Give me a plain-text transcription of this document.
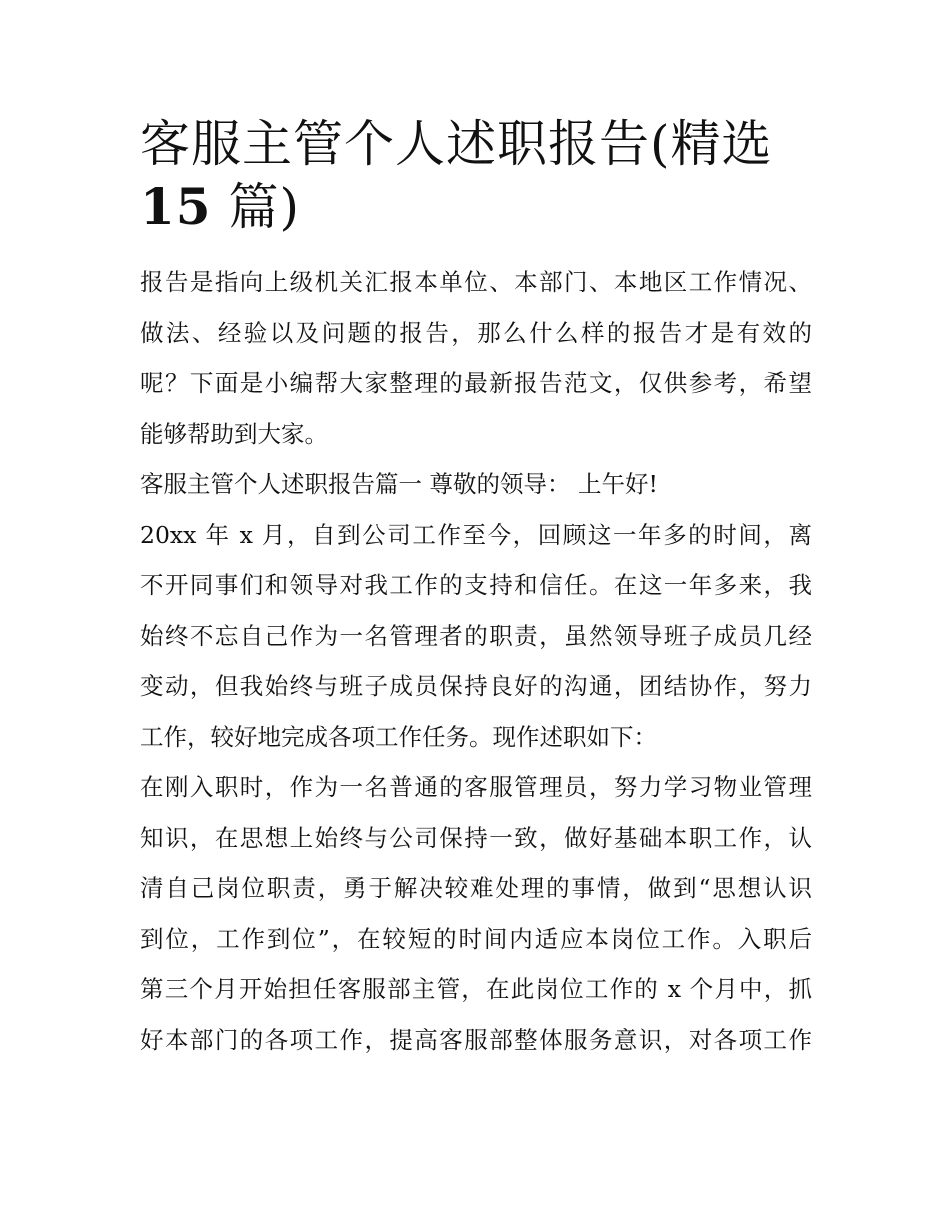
客服主管个人述职报告(精选
15 篇)

报告是指向上级机关汇报本单位、本部门、本地区工作情况、
做法、经验以及问题的报告，那么什么样的报告才是有效的
呢？下面是小编帮大家整理的最新报告范文，仅供参考，希望
能够帮助到大家。

客服主管个人述职报告篇一 尊敬的领导： 上午好!

20xx 年 x 月，自到公司工作至今，回顾这一年多的时间，离
不开同事们和领导对我工作的支持和信任。在这一年多来，我
始终不忘自己作为一名管理者的职责，虽然领导班子成员几经
变动，但我始终与班子成员保持良好的沟通，团结协作，努力
工作，较好地完成各项工作任务。现作述职如下：

在刚入职时，作为一名普通的客服管理员，努力学习物业管理
知识，在思想上始终与公司保持一致，做好基础本职工作，认
清自己岗位职责，勇于解决较难处理的事情，做到“思想认识
到位，工作到位”，在较短的时间内适应本岗位工作。入职后
第三个月开始担任客服部主管，在此岗位工作的 x 个月中，抓
好本部门的各项工作，提高客服部整体服务意识，对各项工作
